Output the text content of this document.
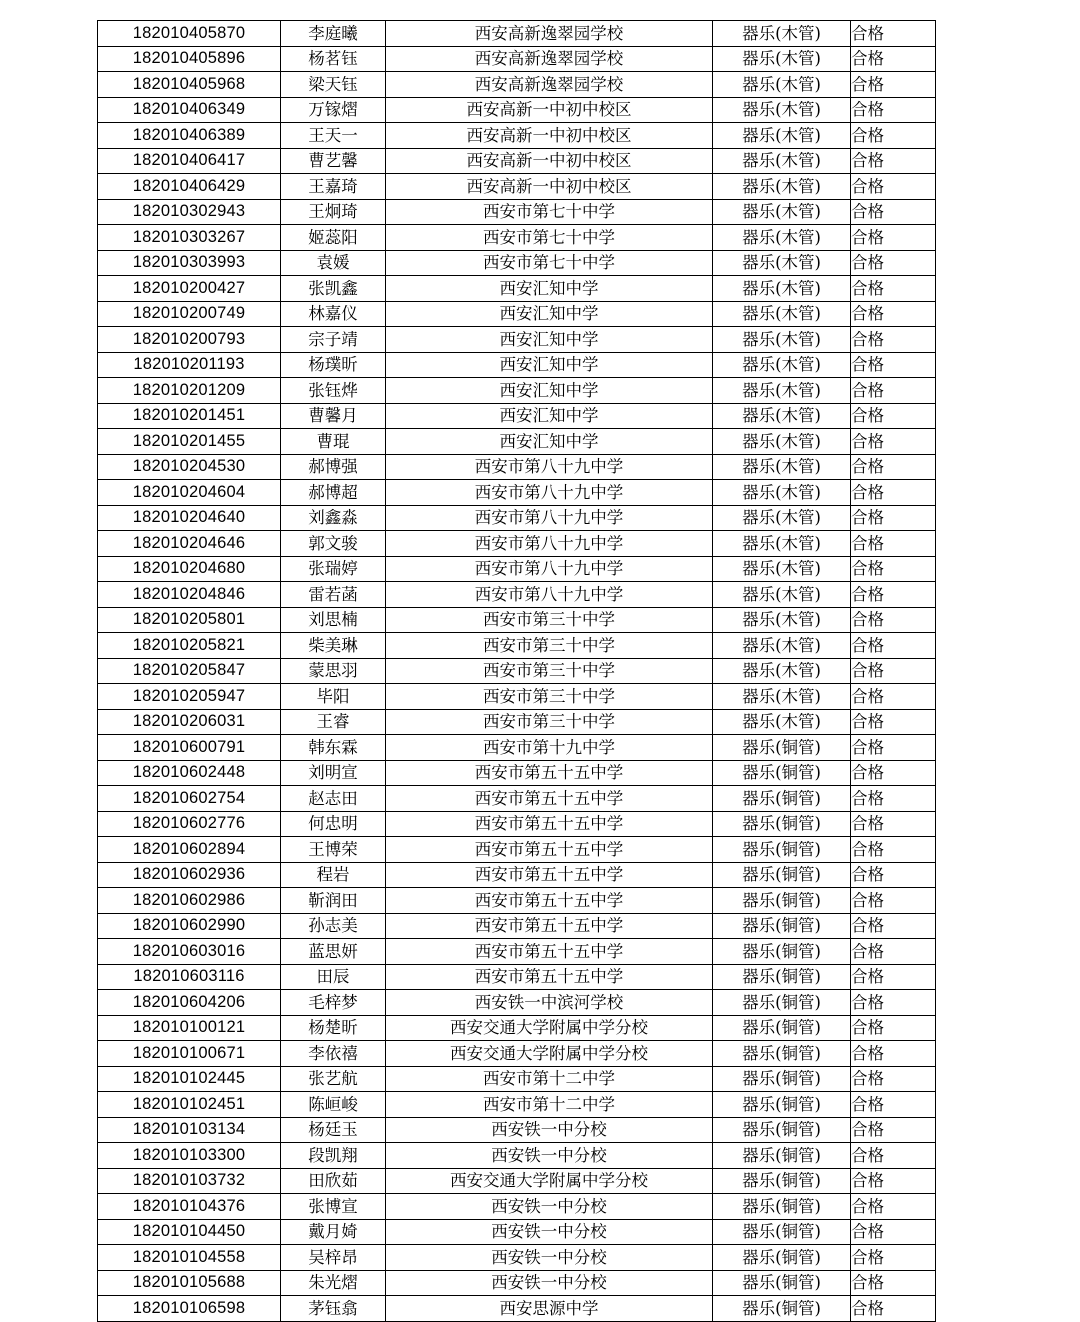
182010405870	李庭曦	西安高新逸翠园学校	器乐(木管)	合格
182010405896	杨茗钰	西安高新逸翠园学校	器乐(木管)	合格
182010405968	梁天钰	西安高新逸翠园学校	器乐(木管)	合格
182010406349	万镓熠	西安高新一中初中校区	器乐(木管)	合格
182010406389	王天一	西安高新一中初中校区	器乐(木管)	合格
182010406417	曹艺馨	西安高新一中初中校区	器乐(木管)	合格
182010406429	王嘉琦	西安高新一中初中校区	器乐(木管)	合格
182010302943	王炯琦	西安市第七十中学	器乐(木管)	合格
182010303267	姬蕊阳	西安市第七十中学	器乐(木管)	合格
182010303993	袁媛	西安市第七十中学	器乐(木管)	合格
182010200427	张凯鑫	西安汇知中学	器乐(木管)	合格
182010200749	林嘉仪	西安汇知中学	器乐(木管)	合格
182010200793	宗子靖	西安汇知中学	器乐(木管)	合格
182010201193	杨璞昕	西安汇知中学	器乐(木管)	合格
182010201209	张钰烨	西安汇知中学	器乐(木管)	合格
182010201451	曹馨月	西安汇知中学	器乐(木管)	合格
182010201455	曹琨	西安汇知中学	器乐(木管)	合格
182010204530	郝博强	西安市第八十九中学	器乐(木管)	合格
182010204604	郝博超	西安市第八十九中学	器乐(木管)	合格
182010204640	刘鑫淼	西安市第八十九中学	器乐(木管)	合格
182010204646	郭文骏	西安市第八十九中学	器乐(木管)	合格
182010204680	张瑞婷	西安市第八十九中学	器乐(木管)	合格
182010204846	雷若菡	西安市第八十九中学	器乐(木管)	合格
182010205801	刘思楠	西安市第三十中学	器乐(木管)	合格
182010205821	柴美琳	西安市第三十中学	器乐(木管)	合格
182010205847	蒙思羽	西安市第三十中学	器乐(木管)	合格
182010205947	毕阳	西安市第三十中学	器乐(木管)	合格
182010206031	王睿	西安市第三十中学	器乐(木管)	合格
182010600791	韩东霖	西安市第十九中学	器乐(铜管)	合格
182010602448	刘明宣	西安市第五十五中学	器乐(铜管)	合格
182010602754	赵志田	西安市第五十五中学	器乐(铜管)	合格
182010602776	何忠明	西安市第五十五中学	器乐(铜管)	合格
182010602894	王博荣	西安市第五十五中学	器乐(铜管)	合格
182010602936	程岩	西安市第五十五中学	器乐(铜管)	合格
182010602986	靳润田	西安市第五十五中学	器乐(铜管)	合格
182010602990	孙志美	西安市第五十五中学	器乐(铜管)	合格
182010603016	蓝思妍	西安市第五十五中学	器乐(铜管)	合格
182010603116	田辰	西安市第五十五中学	器乐(铜管)	合格
182010604206	毛梓梦	西安铁一中滨河学校	器乐(铜管)	合格
182010100121	杨楚昕	西安交通大学附属中学分校	器乐(铜管)	合格
182010100671	李依禧	西安交通大学附属中学分校	器乐(铜管)	合格
182010102445	张艺航	西安市第十二中学	器乐(铜管)	合格
182010102451	陈峘峻	西安市第十二中学	器乐(铜管)	合格
182010103134	杨廷玉	西安铁一中分校	器乐(铜管)	合格
182010103300	段凯翔	西安铁一中分校	器乐(铜管)	合格
182010103732	田欣茹	西安交通大学附属中学分校	器乐(铜管)	合格
182010104376	张博宣	西安铁一中分校	器乐(铜管)	合格
182010104450	戴月婍	西安铁一中分校	器乐(铜管)	合格
182010104558	吴梓昂	西安铁一中分校	器乐(铜管)	合格
182010105688	朱光熠	西安铁一中分校	器乐(铜管)	合格
182010106598	茅钰翕	西安思源中学	器乐(铜管)	合格
